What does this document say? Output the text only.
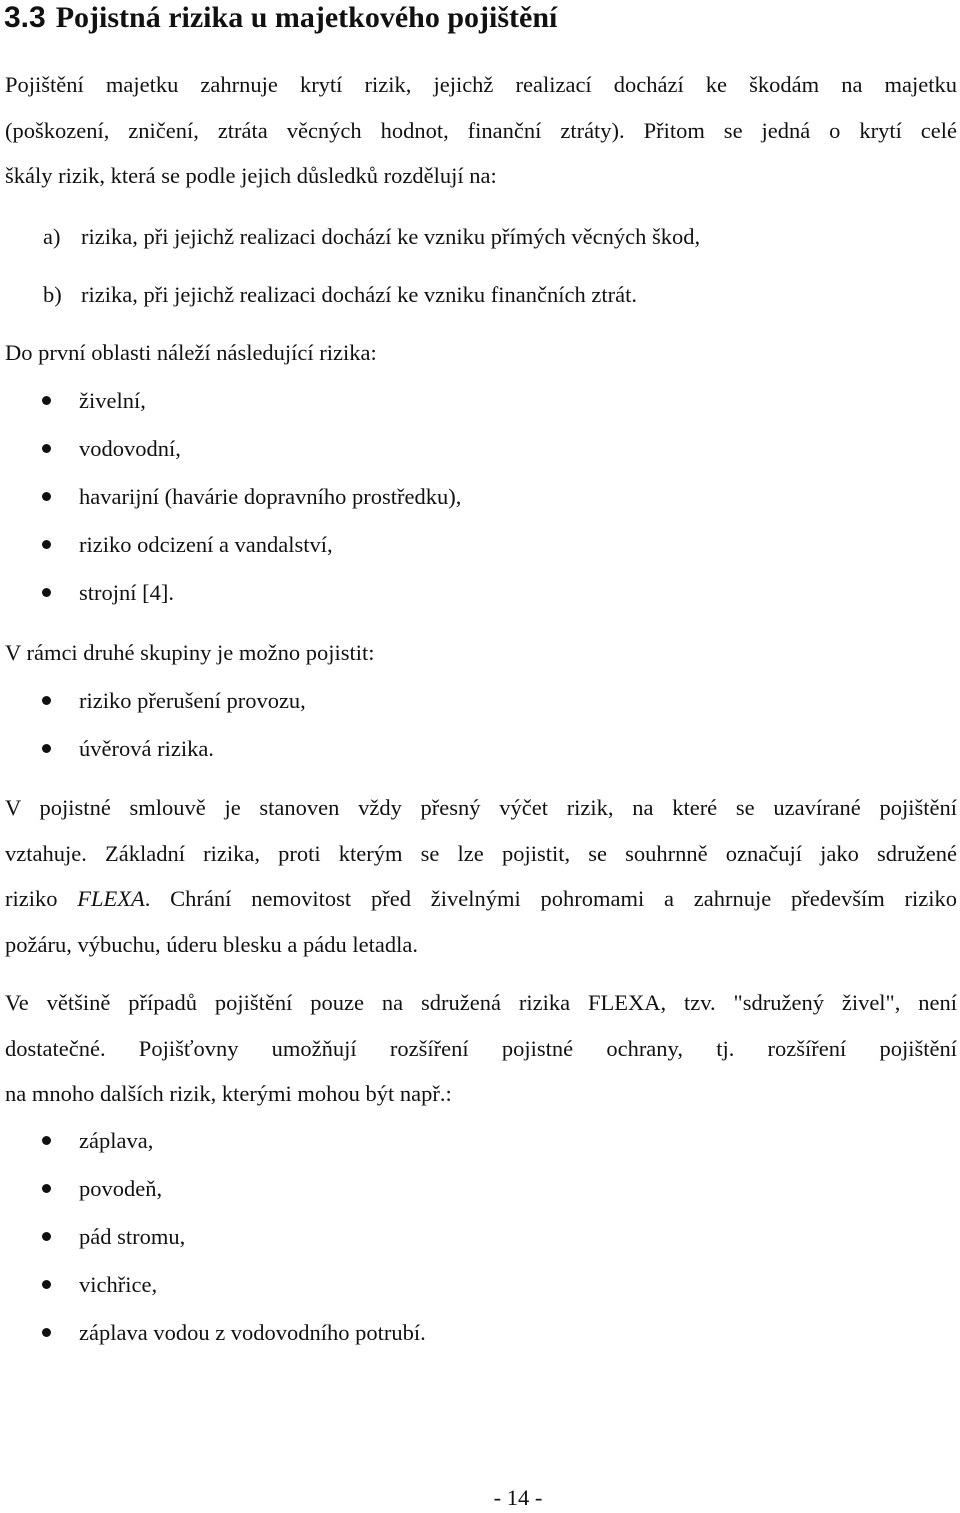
3.3 Pojistná rizika u majetkového pojištění
Pojištění majetku zahrnuje krytí rizik, jejichž realizací dochází ke škodám na majetku
(poškození, zničení, ztráta věcných hodnot, finanční ztráty). Přitom se jedná o krytí celé
škály rizik, která se podle jejich důsledků rozdělují na:
a) rizika, při jejichž realizaci dochází ke vzniku přímých věcných škod,
b) rizika, při jejichž realizaci dochází ke vzniku finančních ztrát.
Do první oblasti náleží následující rizika:
živelní,
vodovodní,
havarijní (havárie dopravního prostředku),
riziko odcizení a vandalství,
strojní [4].
V rámci druhé skupiny je možno pojistit:
riziko přerušení provozu,
úvěrová rizika.
V pojistné smlouvě je stanoven vždy přesný výčet rizik, na které se uzavírané pojištění
vztahuje. Základní rizika, proti kterým se lze pojistit, se souhrnně označují jako sdružené
riziko FLEXA. Chrání nemovitost před živelnými pohromami a zahrnuje především riziko
požáru, výbuchu, úderu blesku a pádu letadla.
Ve většině případů pojištění pouze na sdružená rizika FLEXA, tzv. "sdružený živel", není
dostatečné. Pojišťovny umožňují rozšíření pojistné ochrany, tj. rozšíření pojištění
na mnoho dalších rizik, kterými mohou být např.:
záplava,
povodeň,
pád stromu,
vichřice,
záplava vodou z vodovodního potrubí.
- 14 -
